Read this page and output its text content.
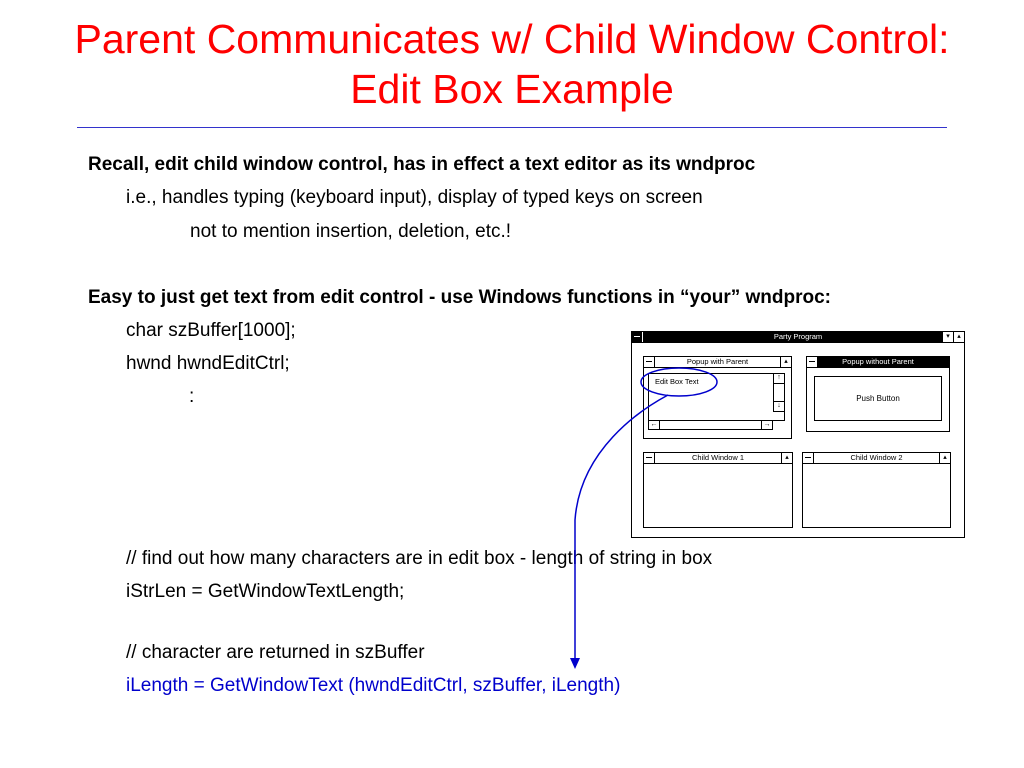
Parent Communicates w/ Child Window Control:
Edit Box Example
Recall, edit child window control, has in effect a text editor as its wndproc
i.e., handles typing (keyboard input), display of typed keys on screen
not to mention insertion, deletion, etc.!
Easy to just get text from edit control - use Windows functions in “your” wndproc:
char szBuffer[1000];
hwnd hwndEditCtrl;
:
// find out how many characters are in edit box - length of string in box
iStrLen = GetWindowTextLength;
// character are returned in szBuffer
iLength = GetWindowText (hwndEditCtrl, szBuffer, iLength)
Party Program	▾	▴
Popup with Parent	▴
Edit Box Text	↑
↓
←	→
Popup without Parent
Push Button
Child Window 1	▴	Child Window 2	▴
